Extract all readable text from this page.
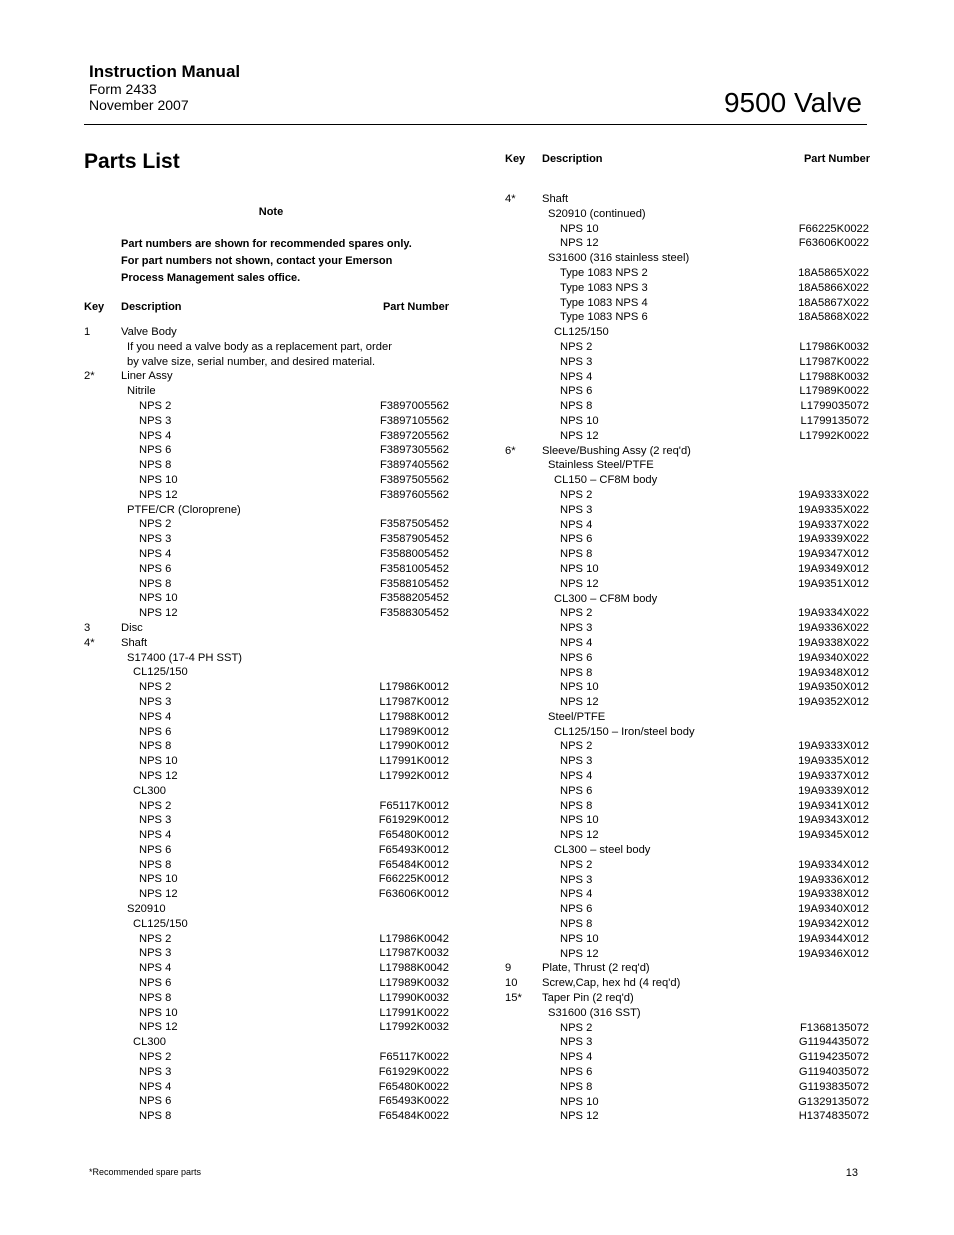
Instruction Manual
Form 2433
November 2007	9500 Valve
Parts List
Note
Part numbers are shown for recommended spares only. For part numbers not shown, contact your Emerson Process Management sales office.
Key Description	Part Number
Key Description	Part Number
1	Valve Body
If you need a valve body as a replacement part, order
by valve size, serial number, and desired material.
2* Liner Assy
Nitrile
NPS 2	F3897005562
NPS 3	F3897105562
NPS 4	F3897205562
NPS 6	F3897305562
NPS 8	F3897405562
NPS 10	F3897505562
NPS 12	F3897605562
PTFE/CR (Cloroprene)
NPS 2	F3587505452
NPS 3	F3587905452
NPS 4	F3588005452
NPS 6	F3581005452
NPS 8	F3588105452
NPS 10	F3588205452
NPS 12	F3588305452
3	Disc
4* Shaft
S17400 (17-4 PH SST)
CL125/150
NPS 2	L17986K0012
NPS 3	L17987K0012
NPS 4	L17988K0012
NPS 6	L17989K0012
NPS 8	L17990K0012
NPS 10	L17991K0012
NPS 12	L17992K0012
CL300
NPS 2	F65117K0012
NPS 3	F61929K0012
NPS 4	F65480K0012
NPS 6	F65493K0012
NPS 8	F65484K0012
NPS 10	F66225K0012
NPS 12	F63606K0012
S20910
CL125/150
NPS 2	L17986K0042
NPS 3	L17987K0032
NPS 4	L17988K0042
NPS 6	L17989K0032
NPS 8	L17990K0032
NPS 10	L17991K0022
NPS 12	L17992K0032
CL300
NPS 2	F65117K0022
NPS 3	F61929K0022
NPS 4	F65480K0022
NPS 6	F65493K0022
NPS 8	F65484K0022
4* Shaft
S20910 (continued)
NPS 10	F66225K0022
NPS 12	F63606K0022
S31600 (316 stainless steel)
Type 1083 NPS 2	18A5865X022
Type 1083 NPS 3	18A5866X022
Type 1083 NPS 4	18A5867X022
Type 1083 NPS 6	18A5868X022
CL125/150
NPS 2	L17986K0032
NPS 3	L17987K0022
NPS 4	L17988K0032
NPS 6	L17989K0022
NPS 8	L1799035072
NPS 10	L1799135072
NPS 12	L17992K0022
6* Sleeve/Bushing Assy (2 req'd)
Stainless Steel/PTFE
CL150 – CF8M body
NPS 2	19A9333X022
NPS 3	19A9335X022
NPS 4	19A9337X022
NPS 6	19A9339X022
NPS 8	19A9347X012
NPS 10	19A9349X012
NPS 12	19A9351X012
CL300 – CF8M body
NPS 2	19A9334X022
NPS 3	19A9336X022
NPS 4	19A9338X022
NPS 6	19A9340X022
NPS 8	19A9348X012
NPS 10	19A9350X012
NPS 12	19A9352X012
Steel/PTFE
CL125/150 – Iron/steel body
NPS 2	19A9333X012
NPS 3	19A9335X012
NPS 4	19A9337X012
NPS 6	19A9339X012
NPS 8	19A9341X012
NPS 10	19A9343X012
NPS 12	19A9345X012
CL300 – steel body
NPS 2	19A9334X012
NPS 3	19A9336X012
NPS 4	19A9338X012
NPS 6	19A9340X012
NPS 8	19A9342X012
NPS 10	19A9344X012
NPS 12	19A9346X012
9	Plate, Thrust (2 req'd)
10 Screw,Cap, hex hd (4 req'd)
15* Taper Pin (2 req'd)
S31600 (316 SST)
NPS 2	F1368135072
NPS 3	G1194435072
NPS 4	G1194235072
NPS 6	G1194035072
NPS 8	G1193835072
NPS 10	G1329135072
NPS 12	H1374835072
*Recommended spare parts	13
